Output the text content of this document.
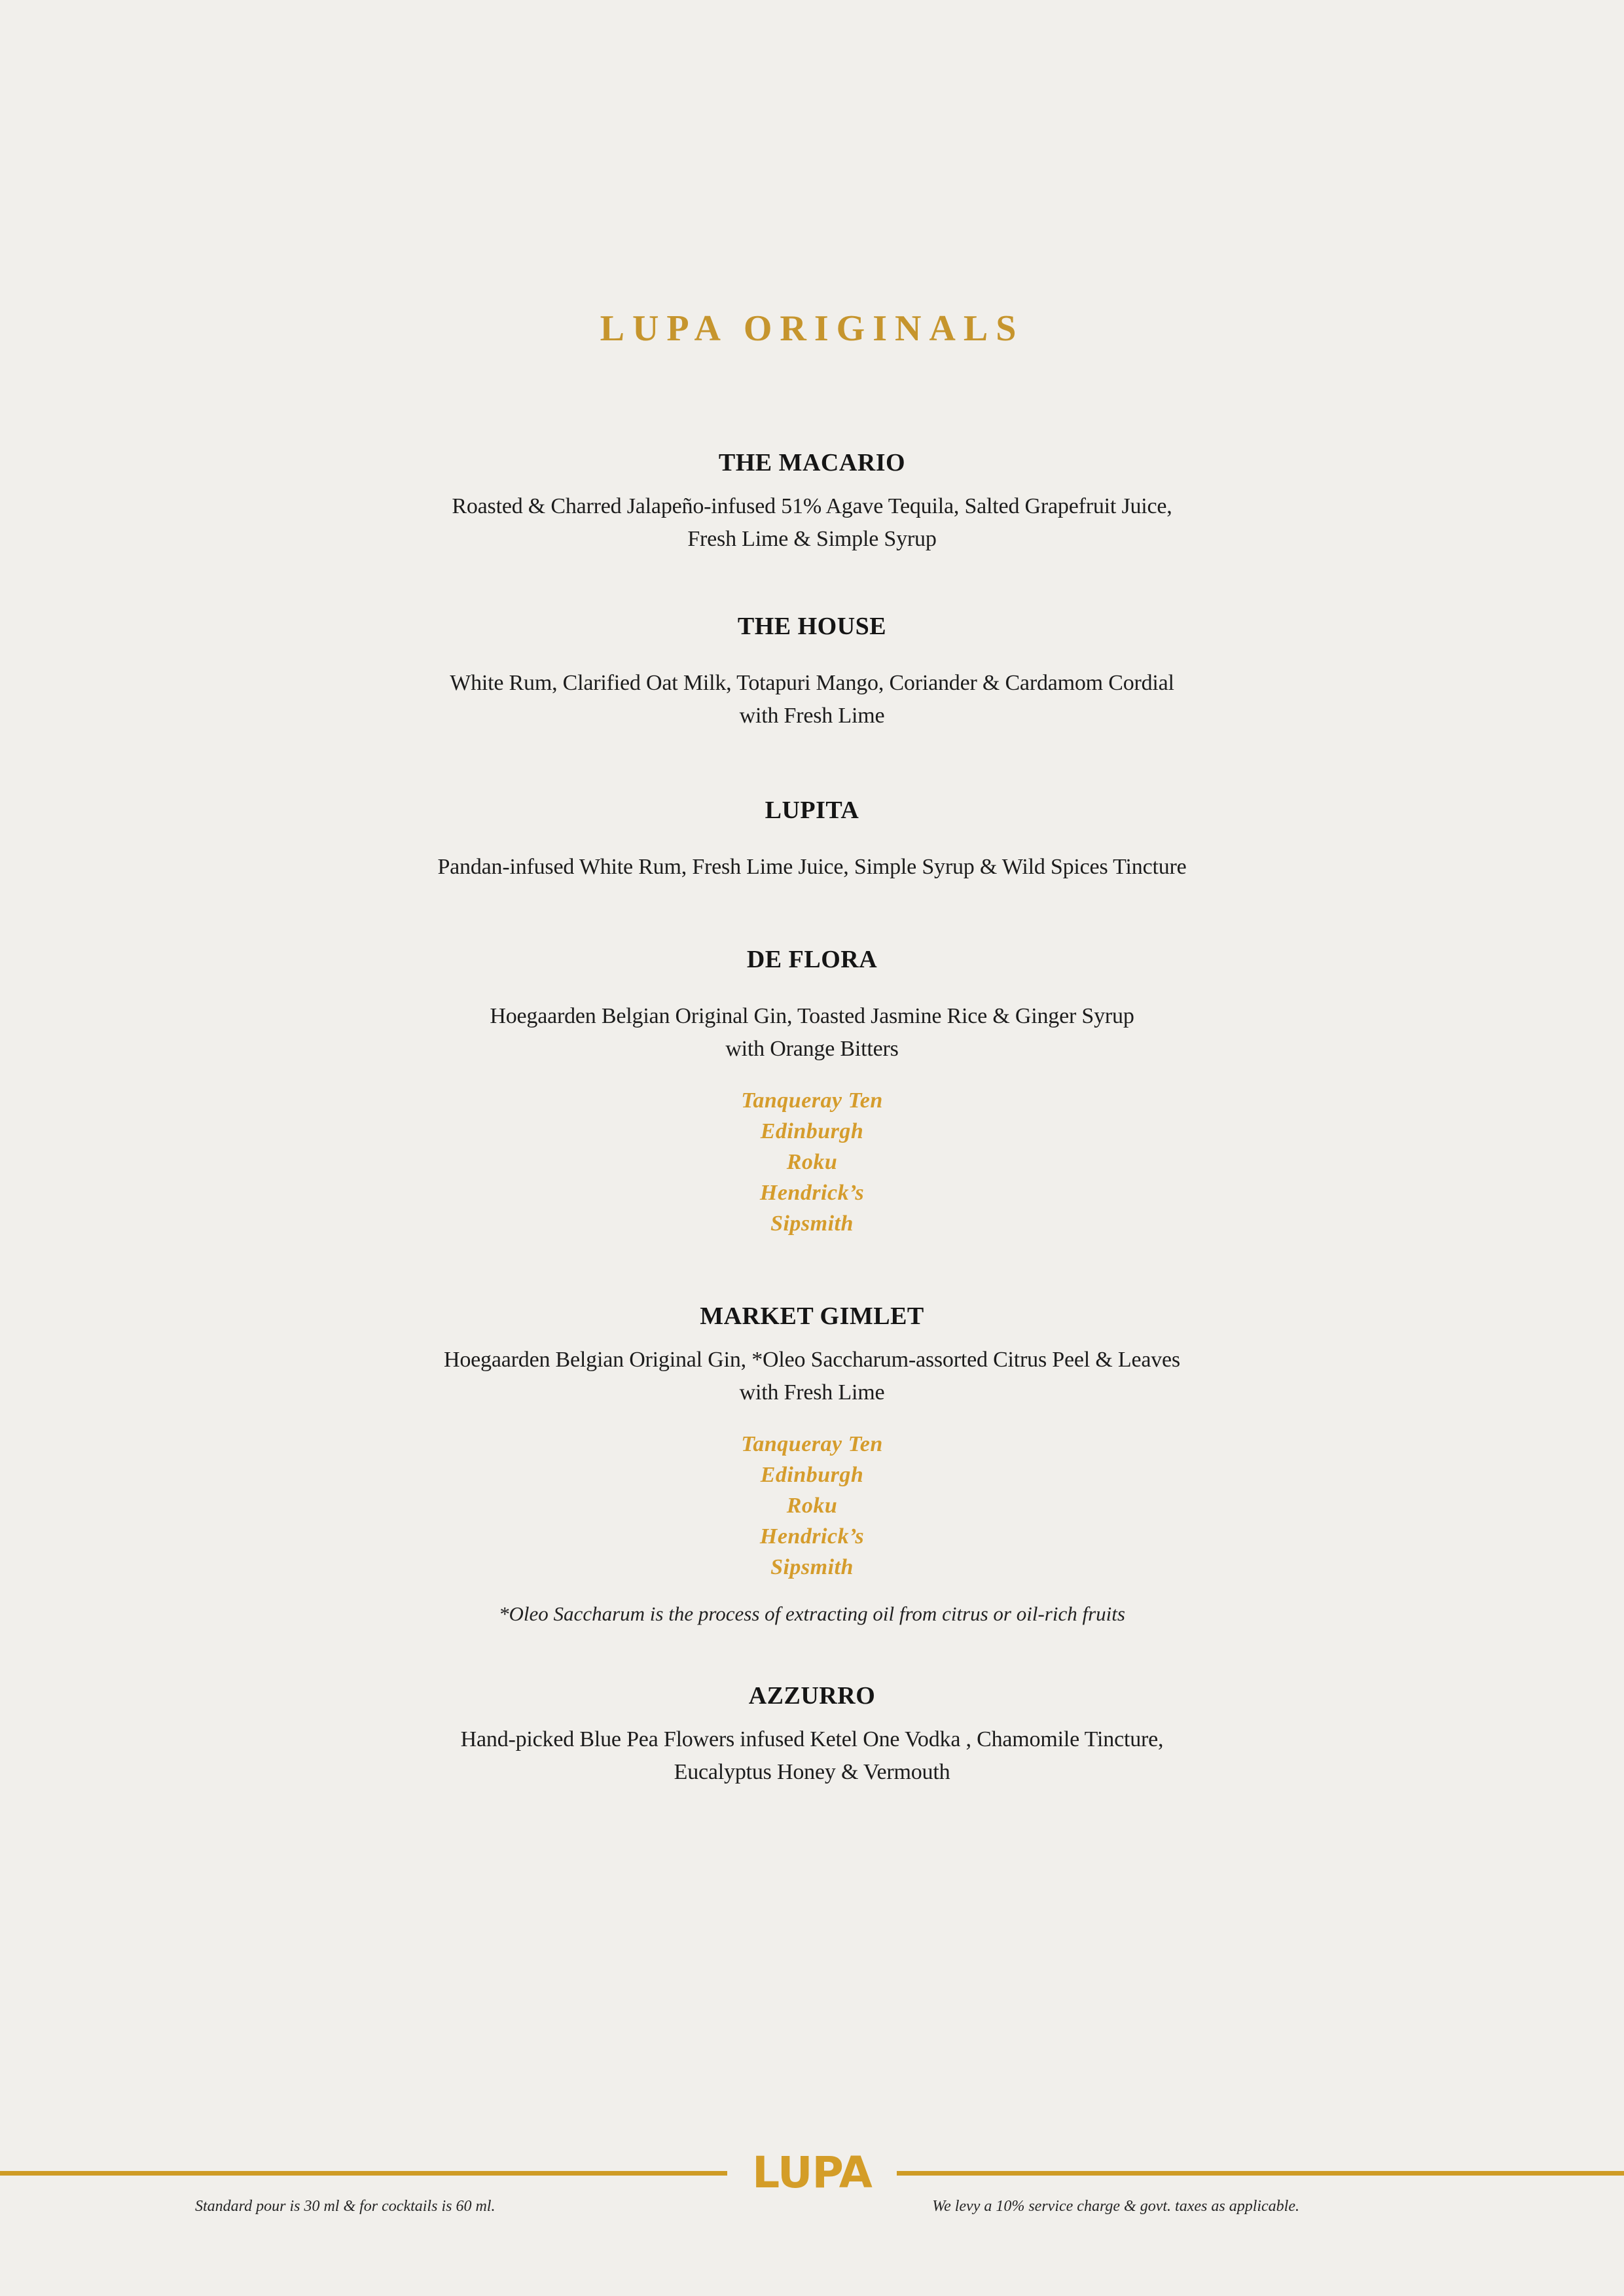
LUPA ORIGINALS
THE MACARIO

Roasted & Charred Jalapeño-infused 51% Agave Tequila, Salted Grapefruit Juice,
Fresh Lime & Simple Syrup

THE HOUSE

White Rum, Clarified Oat Milk, Totapuri Mango, Coriander & Cardamom Cordial
with Fresh Lime

LUPITA

Pandan-infused White Rum, Fresh Lime Juice, Simple Syrup & Wild Spices Tincture

DE FLORA

Hoegaarden Belgian Original Gin, Toasted Jasmine Rice & Ginger Syrup
with Orange Bitters

Tanqueray Ten
Edinburgh
Roku
Hendrick’s
Sipsmith
MARKET GIMLET

Hoegaarden Belgian Original Gin, *Oleo Saccharum-assorted Citrus Peel & Leaves
with Fresh Lime

Tanqueray Ten
Edinburgh
Roku
Hendrick’s
Sipsmith
*Oleo Saccharum is the process of extracting oil from citrus or oil-rich fruits
AZZURRO

Hand-picked Blue Pea Flowers infused Ketel One Vodka , Chamomile Tincture,
Eucalyptus Honey & Vermouth

LUPA
Standard pour is 30 ml & for cocktails is 60 ml.	We levy a 10% service charge & govt. taxes as applicable.
